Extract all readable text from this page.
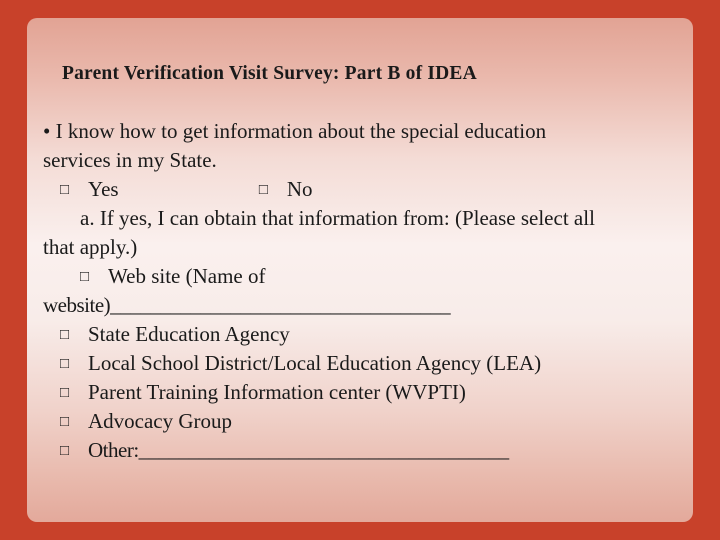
Parent Verification Visit Survey: Part B of IDEA
• I know how to get information about the special education
services in my State.
□ Yes	□ No
a. If yes, I can obtain that information from: (Please select all
that apply.)
□ Web site (Name of
website)__________________________________
□ State Education Agency
□ Local School District/Local Education Agency (LEA)
□ Parent Training Information center (WVPTI)
□ Advocacy Group
□ Other:_____________________________________
